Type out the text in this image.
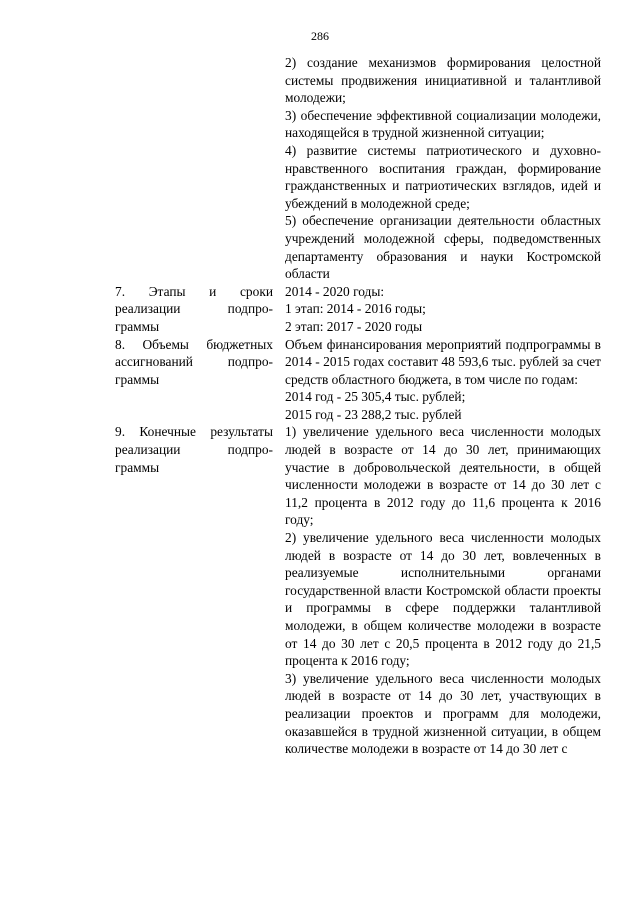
286

2) создание механизмов формирования целостной системы продвижения инициативной и талантливой молодежи;

3) обеспечение эффективной социализации молодежи, находящейся в трудной жизненной ситуации;

4) развитие системы патриотического и духовно-нравственного воспитания граждан, формирование гражданственных и патриотических взглядов, идей и убеждений в молодежной среде;

5) обеспечение организации деятельности областных учреждений молодежной сферы, подведомственных департаменту образования и науки Костромской области

7. Этапы и сроки реализации подпро-граммы

2014 - 2020 годы:

1 этап: 2014 - 2016 годы;

2 этап: 2017 - 2020 годы

8. Объемы бюджетных ассигнований подпро-граммы

Объем финансирования мероприятий подпрограммы в 2014 - 2015 годах составит 48 593,6 тыс. рублей за счет средств областного бюджета, в том числе по годам:

2014 год - 25 305,4 тыс. рублей;

2015 год - 23 288,2 тыс. рублей

9. Конечные результаты реализации подпро-граммы

1) увеличение удельного веса численности молодых людей в возрасте от 14 до 30 лет, принимающих участие в добровольческой деятельности, в общей численности молодежи в возрасте от 14 до 30 лет с 11,2 процента в 2012 году до 11,6 процента к 2016 году;

2) увеличение удельного веса численности молодых людей в возрасте от 14 до 30 лет, вовлеченных в реализуемые исполнительными органами государственной власти Костромской области проекты и программы в сфере поддержки талантливой молодежи, в общем количестве молодежи в возрасте от 14 до 30 лет с 20,5 процента в 2012 году до 21,5 процента к 2016 году;

3) увеличение удельного веса численности молодых людей в возрасте от 14 до 30 лет, участвующих в реализации проектов и программ для молодежи, оказавшейся в трудной жизненной ситуации, в общем количестве молодежи в возрасте от 14 до 30 лет с
